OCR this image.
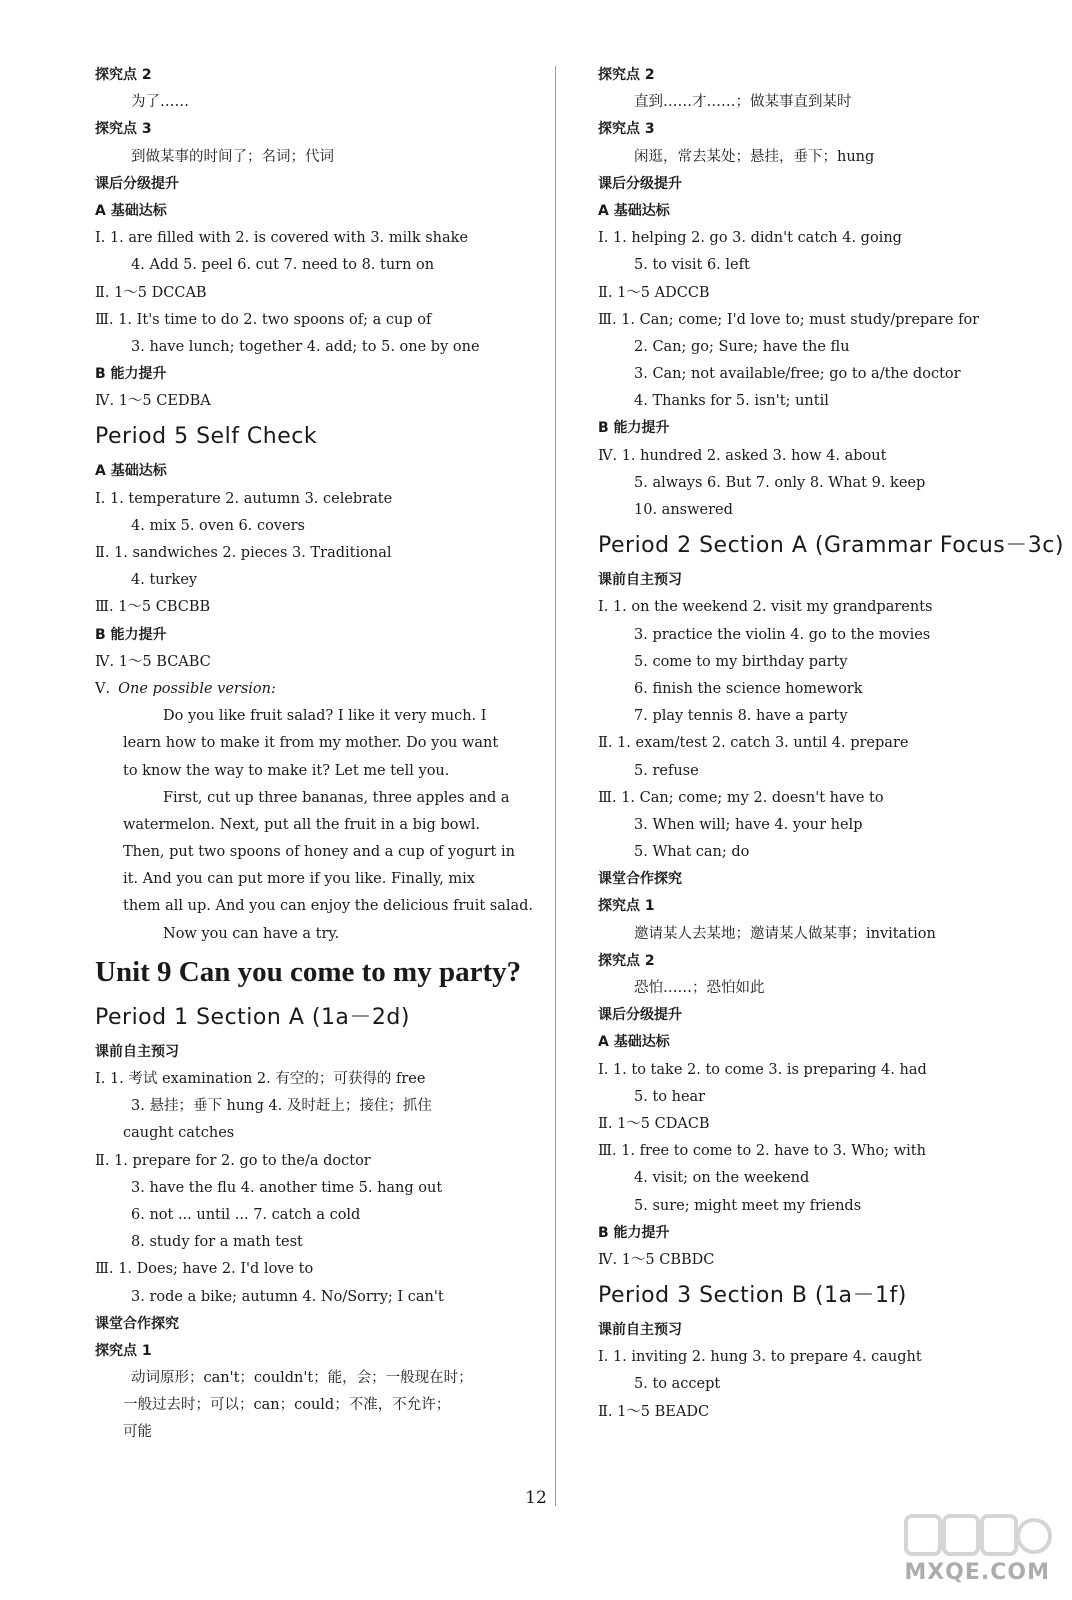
探究点 2
为了……
探究点 3
到做某事的时间了；名词；代词
课后分级提升
A 基础达标
Ⅰ. 1. are filled with 2. is covered with 3. milk shake
4. Add 5. peel 6. cut 7. need to 8. turn on
Ⅱ. 1～5 DCCAB
Ⅲ. 1. It's time to do 2. two spoons of; a cup of
3. have lunch; together 4. add; to 5. one by one
B 能力提升
Ⅳ. 1～5 CEDBA
Period 5 Self Check
A 基础达标
Ⅰ. 1. temperature 2. autumn 3. celebrate
4. mix 5. oven 6. covers
Ⅱ. 1. sandwiches 2. pieces 3. Traditional
4. turkey
Ⅲ. 1～5 CBCBB
B 能力提升
Ⅳ. 1～5 BCABC
Ⅴ. One possible version:
Do you like fruit salad? I like it very much. I
learn how to make it from my mother. Do you want
to know the way to make it? Let me tell you.
First, cut up three bananas, three apples and a
watermelon. Next, put all the fruit in a big bowl.
Then, put two spoons of honey and a cup of yogurt in
it. And you can put more if you like. Finally, mix
them all up. And you can enjoy the delicious fruit salad.
Now you can have a try.
Unit 9 Can you come to my party?
Period 1 Section A (1a－2d)
课前自主预习
Ⅰ. 1. 考试 examination 2. 有空的；可获得的 free
3. 悬挂；垂下 hung 4. 及时赶上；接住；抓住
caught catches
Ⅱ. 1. prepare for 2. go to the/a doctor
3. have the flu 4. another time 5. hang out
6. not ... until ... 7. catch a cold
8. study for a math test
Ⅲ. 1. Does; have 2. I'd love to
3. rode a bike; autumn 4. No/Sorry; I can't
课堂合作探究
探究点 1
动词原形；can't；couldn't；能，会；一般现在时；
一般过去时；可以；can；could；不准，不允许；
可能
探究点 2
直到……才……；做某事直到某时
探究点 3
闲逛，常去某处；悬挂，垂下；hung
课后分级提升
A 基础达标
Ⅰ. 1. helping 2. go 3. didn't catch 4. going
5. to visit 6. left
Ⅱ. 1～5 ADCCB
Ⅲ. 1. Can; come; I'd love to; must study/prepare for
2. Can; go; Sure; have the flu
3. Can; not available/free; go to a/the doctor
4. Thanks for 5. isn't; until
B 能力提升
Ⅳ. 1. hundred 2. asked 3. how 4. about
5. always 6. But 7. only 8. What 9. keep
10. answered
Period 2 Section A (Grammar Focus－3c)
课前自主预习
Ⅰ. 1. on the weekend 2. visit my grandparents
3. practice the violin 4. go to the movies
5. come to my birthday party
6. finish the science homework
7. play tennis 8. have a party
Ⅱ. 1. exam/test 2. catch 3. until 4. prepare
5. refuse
Ⅲ. 1. Can; come; my 2. doesn't have to
3. When will; have 4. your help
5. What can; do
课堂合作探究
探究点 1
邀请某人去某地；邀请某人做某事；invitation
探究点 2
恐怕……；恐怕如此
课后分级提升
A 基础达标
Ⅰ. 1. to take 2. to come 3. is preparing 4. had
5. to hear
Ⅱ. 1～5 CDACB
Ⅲ. 1. free to come to 2. have to 3. Who; with
4. visit; on the weekend
5. sure; might meet my friends
B 能力提升
Ⅳ. 1～5 CBBDC
Period 3 Section B (1a－1f)
课前自主预习
Ⅰ. 1. inviting 2. hung 3. to prepare 4. caught
5. to accept
Ⅱ. 1～5 BEADC
12
MXQE.COM
